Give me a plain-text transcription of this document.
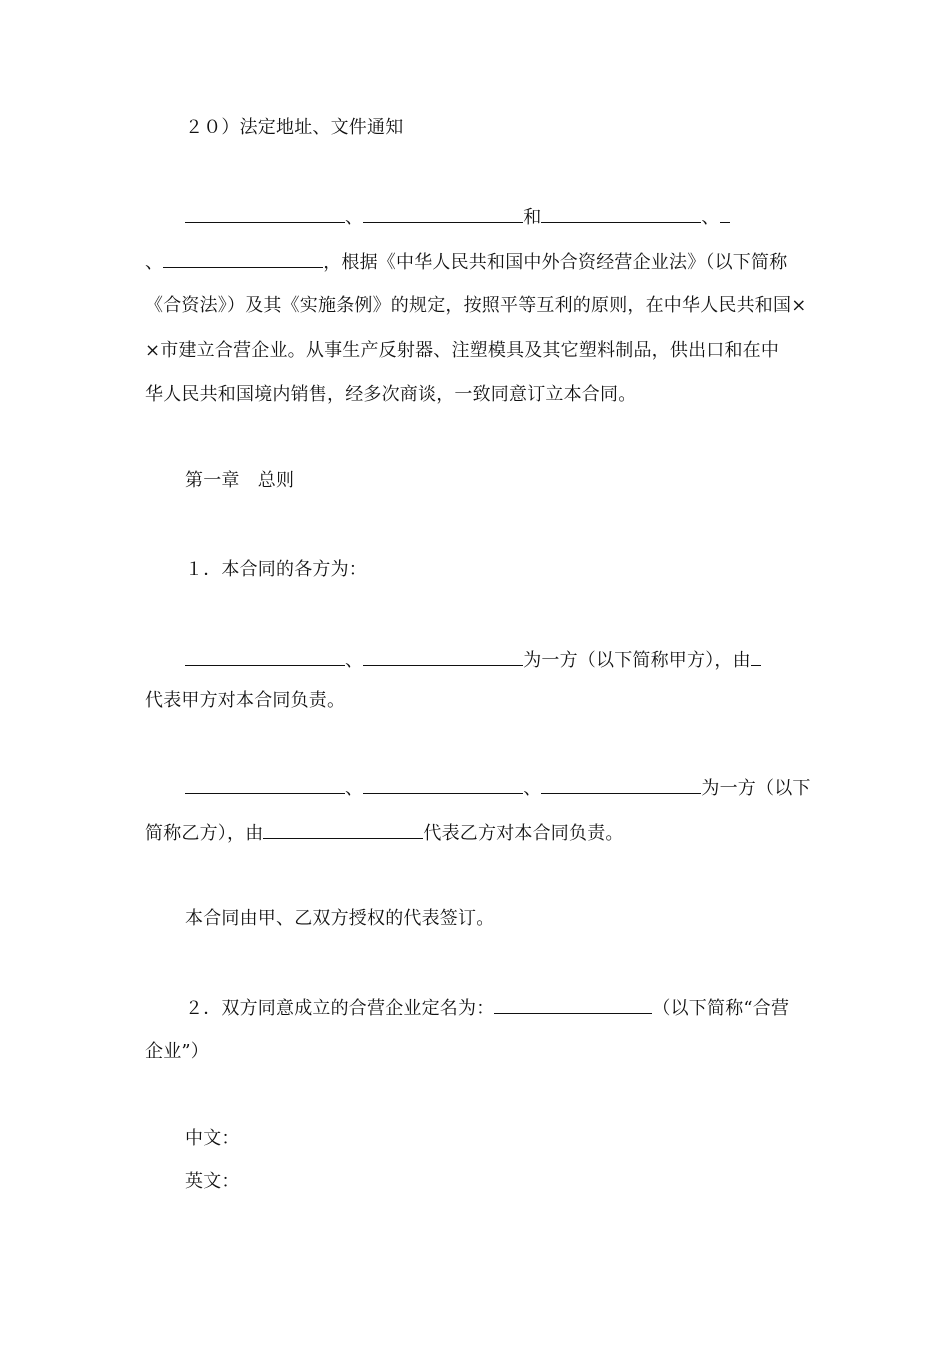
２０）法定地址、文件通知
、	和	、
、	，根据《中华人民共和国中外合资经营企业法》（以下简称
《合资法》）及其《实施条例》的规定，按照平等互利的原则，在中华人民共和国×
×市建立合营企业。从事生产反射器、注塑模具及其它塑料制品，供出口和在中
华人民共和国境内销售，经多次商谈，一致同意订立本合同。
第一章　总则
１．本合同的各方为：
、	为一方（以下简称甲方），由
代表甲方对本合同负责。
、	、	为一方（以下
简称乙方），由	代表乙方对本合同负责。
本合同由甲、乙双方授权的代表签订。
２．双方同意成立的合营企业定名为：	（以下简称“合营
企业”）
中文：
英文：
